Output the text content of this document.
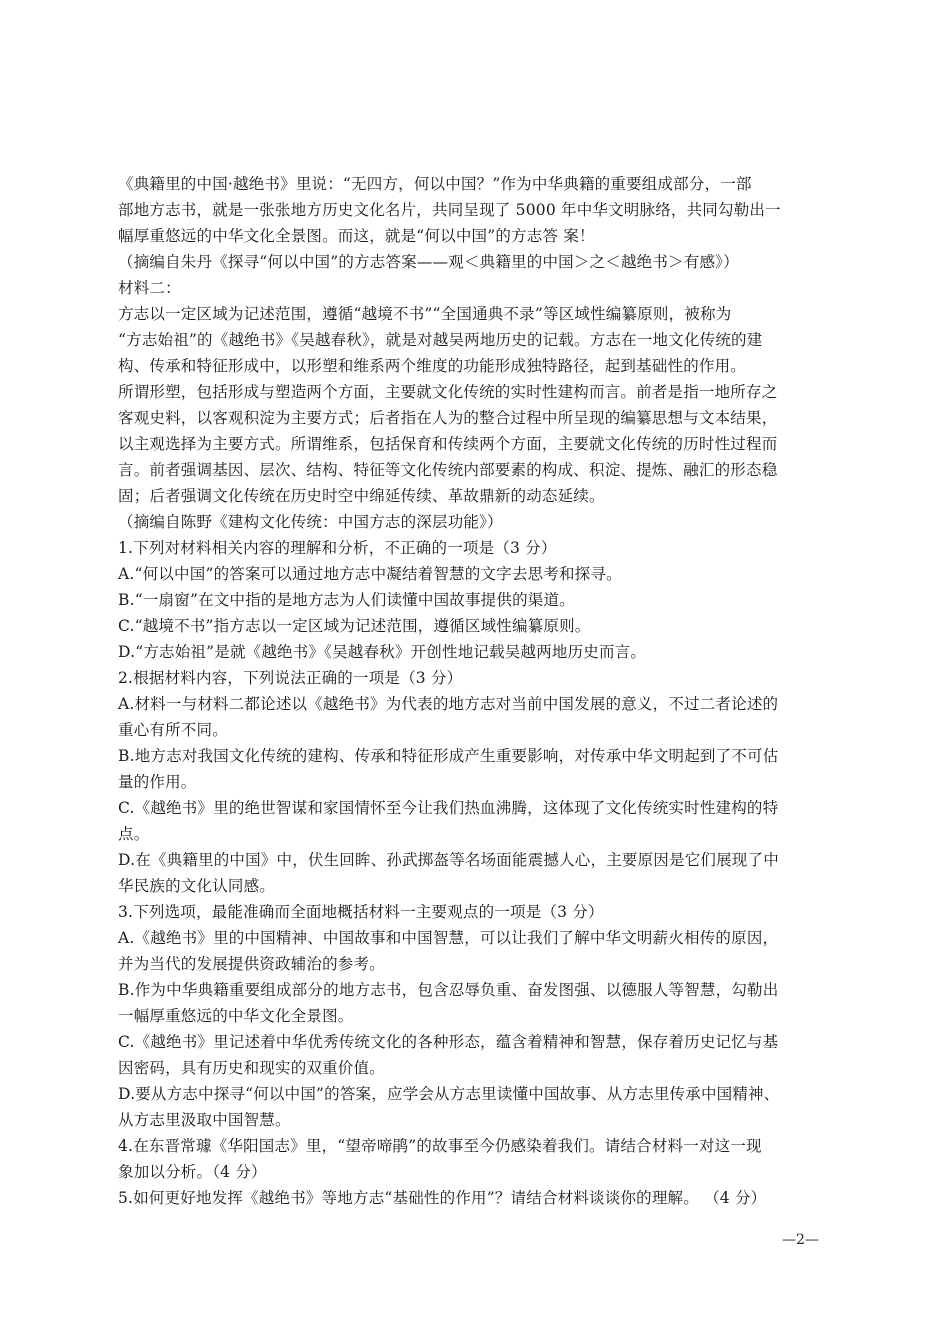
《典籍里的中国·越绝书》里说：“无四方，何以中国？”作为中华典籍的重要组成部分，一部
部地方志书，就是一张张地方历史文化名片，共同呈现了 5000 年中华文明脉络，共同勾勒出一
幅厚重悠远的中华文化全景图。而这，就是“何以中国”的方志答 案！
（摘编自朱丹《探寻“何以中国”的方志答案——观＜典籍里的中国＞之＜越绝书＞有感》）
材料二：
方志以一定区域为记述范围，遵循“越境不书”“全国通典不录”等区域性编纂原则，被称为
“方志始祖”的《越绝书》《吴越春秋》，就是对越吴两地历史的记载。方志在一地文化传统的建
构、传承和特征形成中，以形塑和维系两个维度的功能形成独特路径，起到基础性的作用。
所谓形塑，包括形成与塑造两个方面，主要就文化传统的实时性建构而言。前者是指一地所存之
客观史料，以客观积淀为主要方式；后者指在人为的整合过程中所呈现的编纂思想与文本结果，
以主观选择为主要方式。所谓维系，包括保育和传续两个方面，主要就文化传统的历时性过程而
言。前者强调基因、层次、结构、特征等文化传统内部要素的构成、积淀、提炼、融汇的形态稳
固；后者强调文化传统在历史时空中绵延传续、革故鼎新的动态延续。
（摘编自陈野《建构文化传统：中国方志的深层功能》）
1.下列对材料相关内容的理解和分析，不正确的一项是（3 分）
A.“何以中国”的答案可以通过地方志中凝结着智慧的文字去思考和探寻。
B.“一扇窗”在文中指的是地方志为人们读懂中国故事提供的渠道。
C.“越境不书”指方志以一定区域为记述范围，遵循区域性编纂原则。
D.“方志始祖”是就《越绝书》《吴越春秋》开创性地记载吴越两地历史而言。
2.根据材料内容，下列说法正确的一项是（3 分）
A.材料一与材料二都论述以《越绝书》为代表的地方志对当前中国发展的意义，不过二者论述的
重心有所不同。
B.地方志对我国文化传统的建构、传承和特征形成产生重要影响，对传承中华文明起到了不可估
量的作用。
C.《越绝书》里的绝世智谋和家国情怀至今让我们热血沸腾，这体现了文化传统实时性建构的特
点。
D.在《典籍里的中国》中，伏生回眸、孙武掷盔等名场面能震撼人心，主要原因是它们展现了中
华民族的文化认同感。
3.下列选项，最能准确而全面地概括材料一主要观点的一项是（3 分）
A.《越绝书》里的中国精神、中国故事和中国智慧，可以让我们了解中华文明薪火相传的原因，
并为当代的发展提供资政辅治的参考。
B.作为中华典籍重要组成部分的地方志书，包含忍辱负重、奋发图强、以德服人等智慧，勾勒出
一幅厚重悠远的中华文化全景图。
C.《越绝书》里记述着中华优秀传统文化的各种形态，蕴含着精神和智慧，保存着历史记忆与基
因密码，具有历史和现实的双重价值。
D.要从方志中探寻“何以中国”的答案，应学会从方志里读懂中国故事、从方志里传承中国精神、
从方志里汲取中国智慧。
4.在东晋常璩《华阳国志》里，“望帝啼鹃”的故事至今仍感染着我们。请结合材料一对这一现
象加以分析。（4 分）
5.如何更好地发挥《越绝书》等地方志“基础性的作用”？请结合材料谈谈你的理解。 （4 分）
—2—
